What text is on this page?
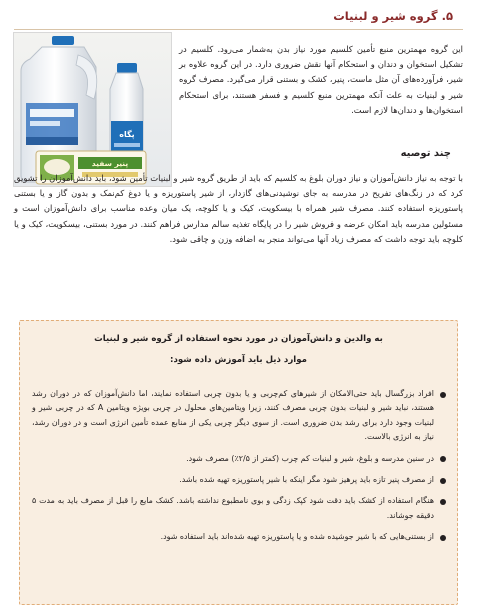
۵. گروه شیر و لبنیات
پگاه
پنیر سفید
این گروه مهمترین منبع تأمین کلسیم مورد نیاز بدن به‌شمار می‌رود. کلسیم در تشکیل استخوان و دندان و استحکام آنها نقش ضروری دارد. در این گروه علاوه بر شیر، فرآورده‌های آن مثل ماست، پنیر، کشک و بستنی قرار می‌گیرد. مصرف گروه شیر و لبنیات به علت آنکه مهمترین منبع کلسیم و فسفر هستند، برای استحکام استخوان‌ها و دندان‌ها لازم است.
چند توصیه
با توجه به نیاز دانش‌آموزان و نیاز دوران بلوغ به کلسیم که باید از طریق گروه شیر و لبنیات تأمین شود، باید دانش‌آموزان را تشویق کرد که در زنگ‌های تفریح در مدرسه به جای نوشیدنی‌های گازدار، از شیر پاستوریزه و یا دوغ کم‌نمک و بدون گاز و یا بستنی پاستوریزه استفاده کنند. مصرف شیر همراه با بیسکویت، کیک و یا کلوچه، یک میان وعده مناسب برای دانش‌آموزان است و مسئولین مدرسه باید امکان عرضه و فروش شیر را در پایگاه تغذیه سالم مدارس فراهم کنند. در مورد بستنی، بیسکویت، کیک و یا کلوچه باید توجه داشت که مصرف زیاد آنها می‌تواند منجر به اضافه وزن و چاقی شود.
به والدین و دانش‌آموزان در مورد نحوه استفاده از گروه شیر و لبنیات
موارد ذیل باید آموزش داده شود:
افراد بزرگسال باید حتی‌الامکان از شیرهای کم‌چربی و یا بدون چربی استفاده نمایند، اما دانش‌آموزان که در دوران رشد هستند، نباید شیر و لبنیات بدون چربی مصرف کنند، زیرا ویتامین‌های محلول در چربی بویژه ویتامین A که در چربی شیر و لبنیات وجود دارد برای رشد بدن ضروری است. از سوی دیگر چربی یکی از منابع عمده تأمین انرژی است و در دوران رشد، نیاز به انرژی بالاست.
در سنین مدرسه و بلوغ، شیر و لبنیات کم چرب (کمتر از ۲/۵٪) مصرف شود.
از مصرف پنیر تازه باید پرهیز شود مگر اینکه با شیر پاستوریزه تهیه شده باشد.
هنگام استفاده از کشک باید دقت شود کپک زدگی و بوی نامطبوع نداشته باشد. کشک مایع را قبل از مصرف باید به مدت ۵ دقیقه جوشاند.
از بستنی‌هایی که با شیر جوشیده شده و یا پاستوریزه تهیه شده‌اند باید استفاده شود.
